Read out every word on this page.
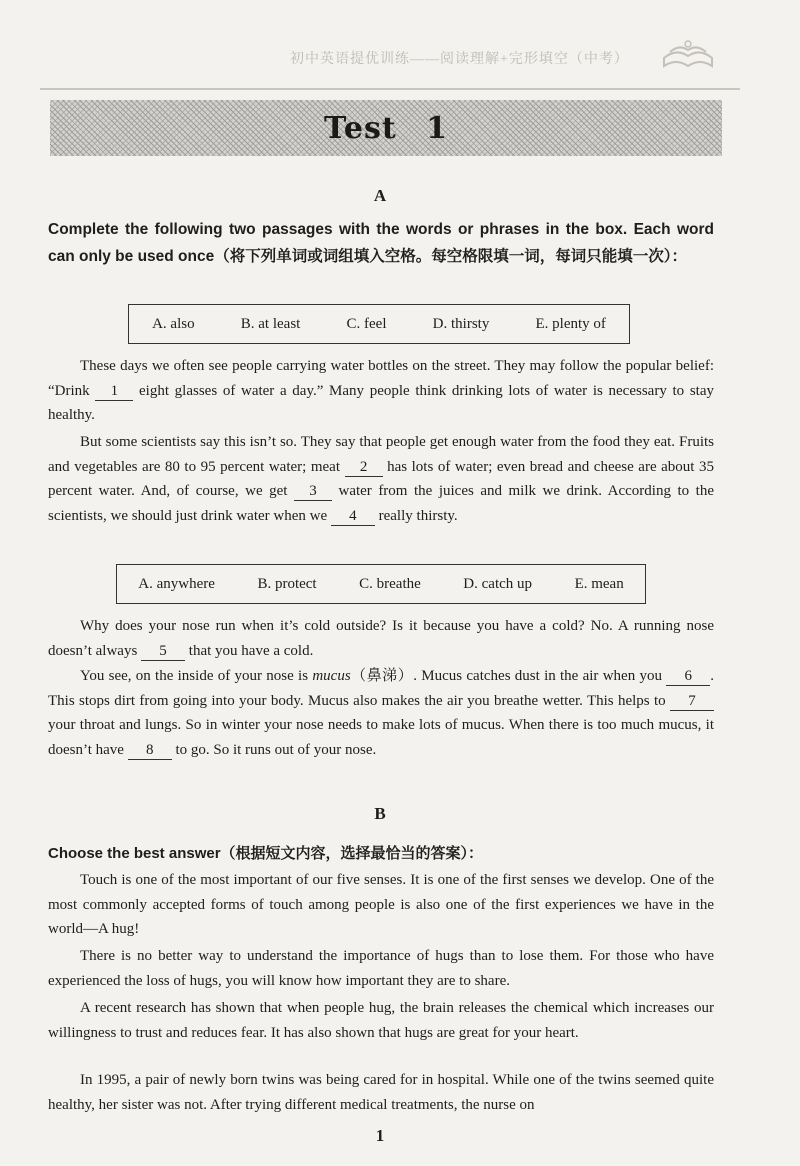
初中英语提优训练——阅读理解+完形填空（中考）
Test 1
A
Complete the following two passages with the words or phrases in the box. Each word can only be used once（将下列单词或词组填入空格。每空格限填一词，每词只能填一次）：
A. also	B. at least	C. feel	D. thirsty	E. plenty of

These days we often see people carrying water bottles on the street. They may follow the popular belief: “Drink 1 eight glasses of water a day.” Many people think drinking lots of water is necessary to stay healthy.

But some scientists say this isn’t so. They say that people get enough water from the food they eat. Fruits and vegetables are 80 to 95 percent water; meat 2 has lots of water; even bread and cheese are about 35 percent water. And, of course, we get 3 water from the juices and milk we drink. According to the scientists, we should just drink water when we 4 really thirsty.

A. anywhere	B. protect	C. breathe	D. catch up	E. mean

Why does your nose run when it’s cold outside? Is it because you have a cold? No. A running nose doesn’t always 5 that you have a cold.

You see, on the inside of your nose is mucus（鼻涕）. Mucus catches dust in the air when you 6 . This stops dirt from going into your body. Mucus also makes the air you breathe wetter. This helps to 7 your throat and lungs. So in winter your nose needs to make lots of mucus. When there is too much mucus, it doesn’t have 8 to go. So it runs out of your nose.

B
Choose the best answer（根据短文内容，选择最恰当的答案）：

Touch is one of the most important of our five senses. It is one of the first senses we develop. One of the most commonly accepted forms of touch among people is also one of the first experiences we have in the world—A hug!

There is no better way to understand the importance of hugs than to lose them. For those who have experienced the loss of hugs, you will know how important they are to share.

A recent research has shown that when people hug, the brain releases the chemical which increases our willingness to trust and reduces fear. It has also shown that hugs are great for your heart.

In 1995, a pair of newly born twins was being cared for in hospital. While one of the twins seemed quite healthy, her sister was not. After trying different medical treatments, the nurse on

1
